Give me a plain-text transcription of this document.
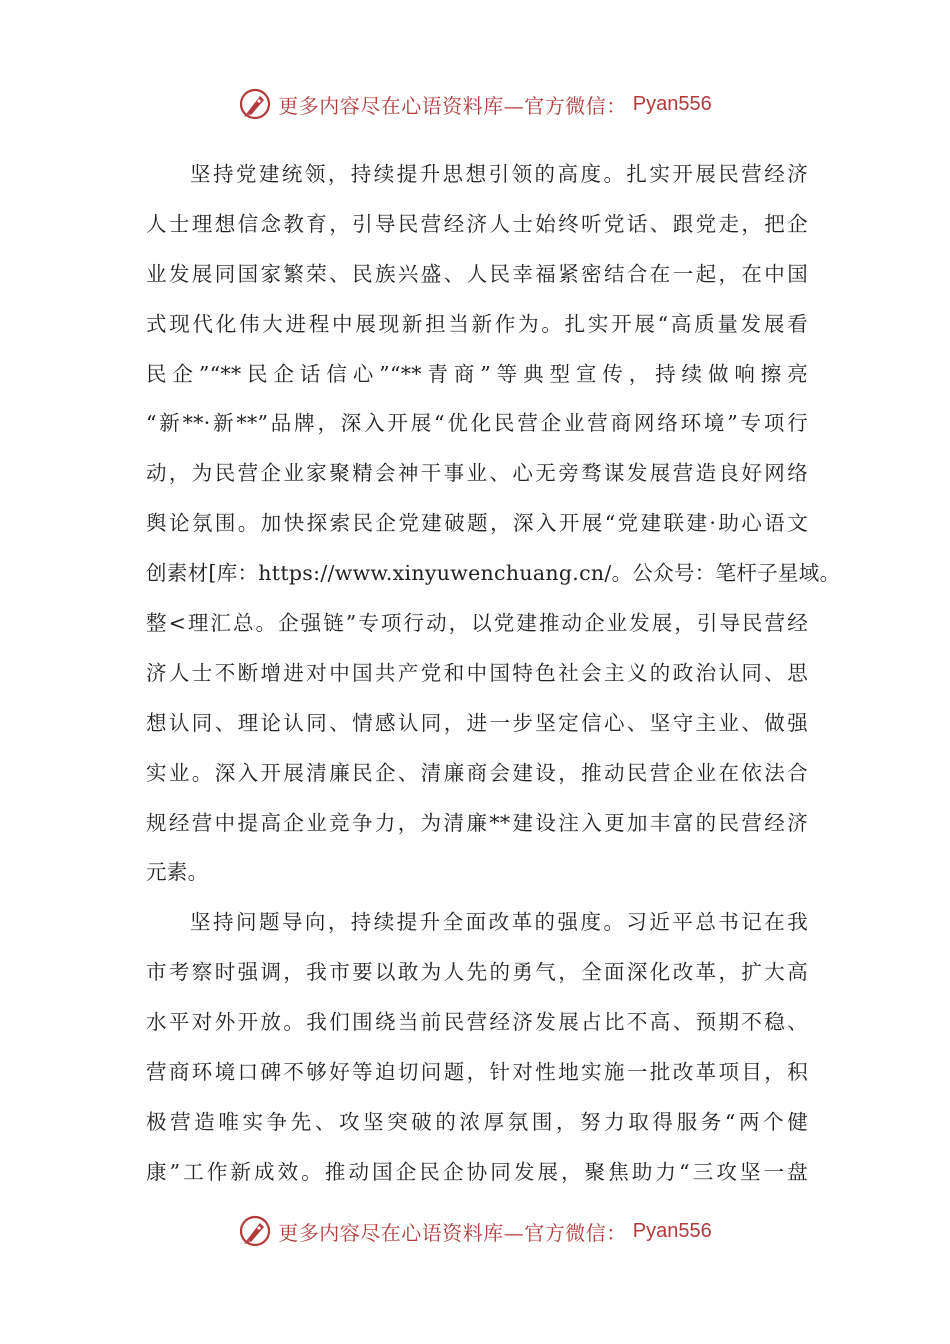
更多内容尽在心语资料库—官方微信： Pyan556
坚持党建统领，持续提升思想引领的高度。扎实开展民营经济
人士理想信念教育，引导民营经济人士始终听党话、跟党走，把企
业发展同国家繁荣、民族兴盛、人民幸福紧密结合在一起，在中国
式现代化伟大进程中展现新担当新作为。扎实开展“高质量发展看
民企”“**民企话信心”“**青商”等典型宣传，持续做响擦亮
“新**·新**”品牌，深入开展“优化民营企业营商网络环境”专项行
动，为民营企业家聚精会神干事业、心无旁骛谋发展营造良好网络
舆论氛围。加快探索民企党建破题，深入开展“党建联建·助心语文
创素材[库：https://www.xinyuwenchuang.cn/。公众号：笔杆子星域。
整<理汇总。企强链”专项行动，以党建推动企业发展，引导民营经
济人士不断增进对中国共产党和中国特色社会主义的政治认同、思
想认同、理论认同、情感认同，进一步坚定信心、坚守主业、做强
实业。深入开展清廉民企、清廉商会建设，推动民营企业在依法合
规经营中提高企业竞争力，为清廉**建设注入更加丰富的民营经济
元素。
坚持问题导向，持续提升全面改革的强度。习近平总书记在我
市考察时强调，我市要以敢为人先的勇气，全面深化改革，扩大高
水平对外开放。我们围绕当前民营经济发展占比不高、预期不稳、
营商环境口碑不够好等迫切问题，针对性地实施一批改革项目，积
极营造唯实争先、攻坚突破的浓厚氛围，努力取得服务“两个健
康”工作新成效。推动国企民企协同发展，聚焦助力“三攻坚一盘
更多内容尽在心语资料库—官方微信： Pyan556
